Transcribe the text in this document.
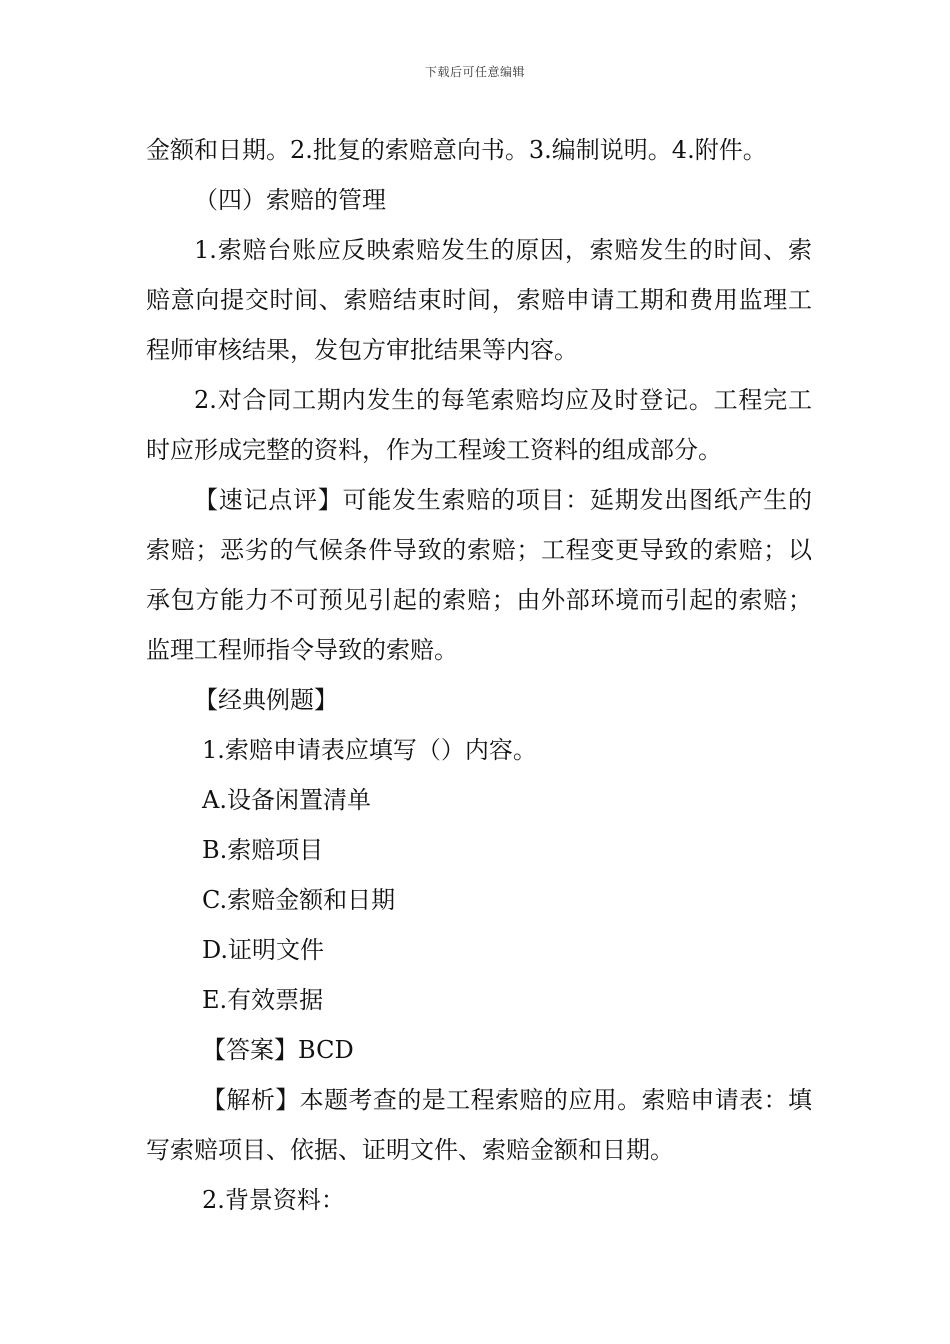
下载后可任意编辑

金额和日期。2.批复的索赔意向书。3.编制说明。4.附件。

（四）索赔的管理

1.索赔台账应反映索赔发生的原因，索赔发生的时间、索赔意向提交时间、索赔结束时间，索赔申请工期和费用监理工程师审核结果，发包方审批结果等内容。

2.对合同工期内发生的每笔索赔均应及时登记。工程完工时应形成完整的资料，作为工程竣工资料的组成部分。

【速记点评】可能发生索赔的项目：延期发出图纸产生的索赔；恶劣的气候条件导致的索赔；工程变更导致的索赔；以承包方能力不可预见引起的索赔；由外部环境而引起的索赔；监理工程师指令导致的索赔。

【经典例题】

1.索赔申请表应填写（）内容。

A.设备闲置清单

B.索赔项目

C.索赔金额和日期

D.证明文件

E.有效票据

【答案】BCD

【解析】本题考查的是工程索赔的应用。索赔申请表：填写索赔项目、依据、证明文件、索赔金额和日期。

2.背景资料：
